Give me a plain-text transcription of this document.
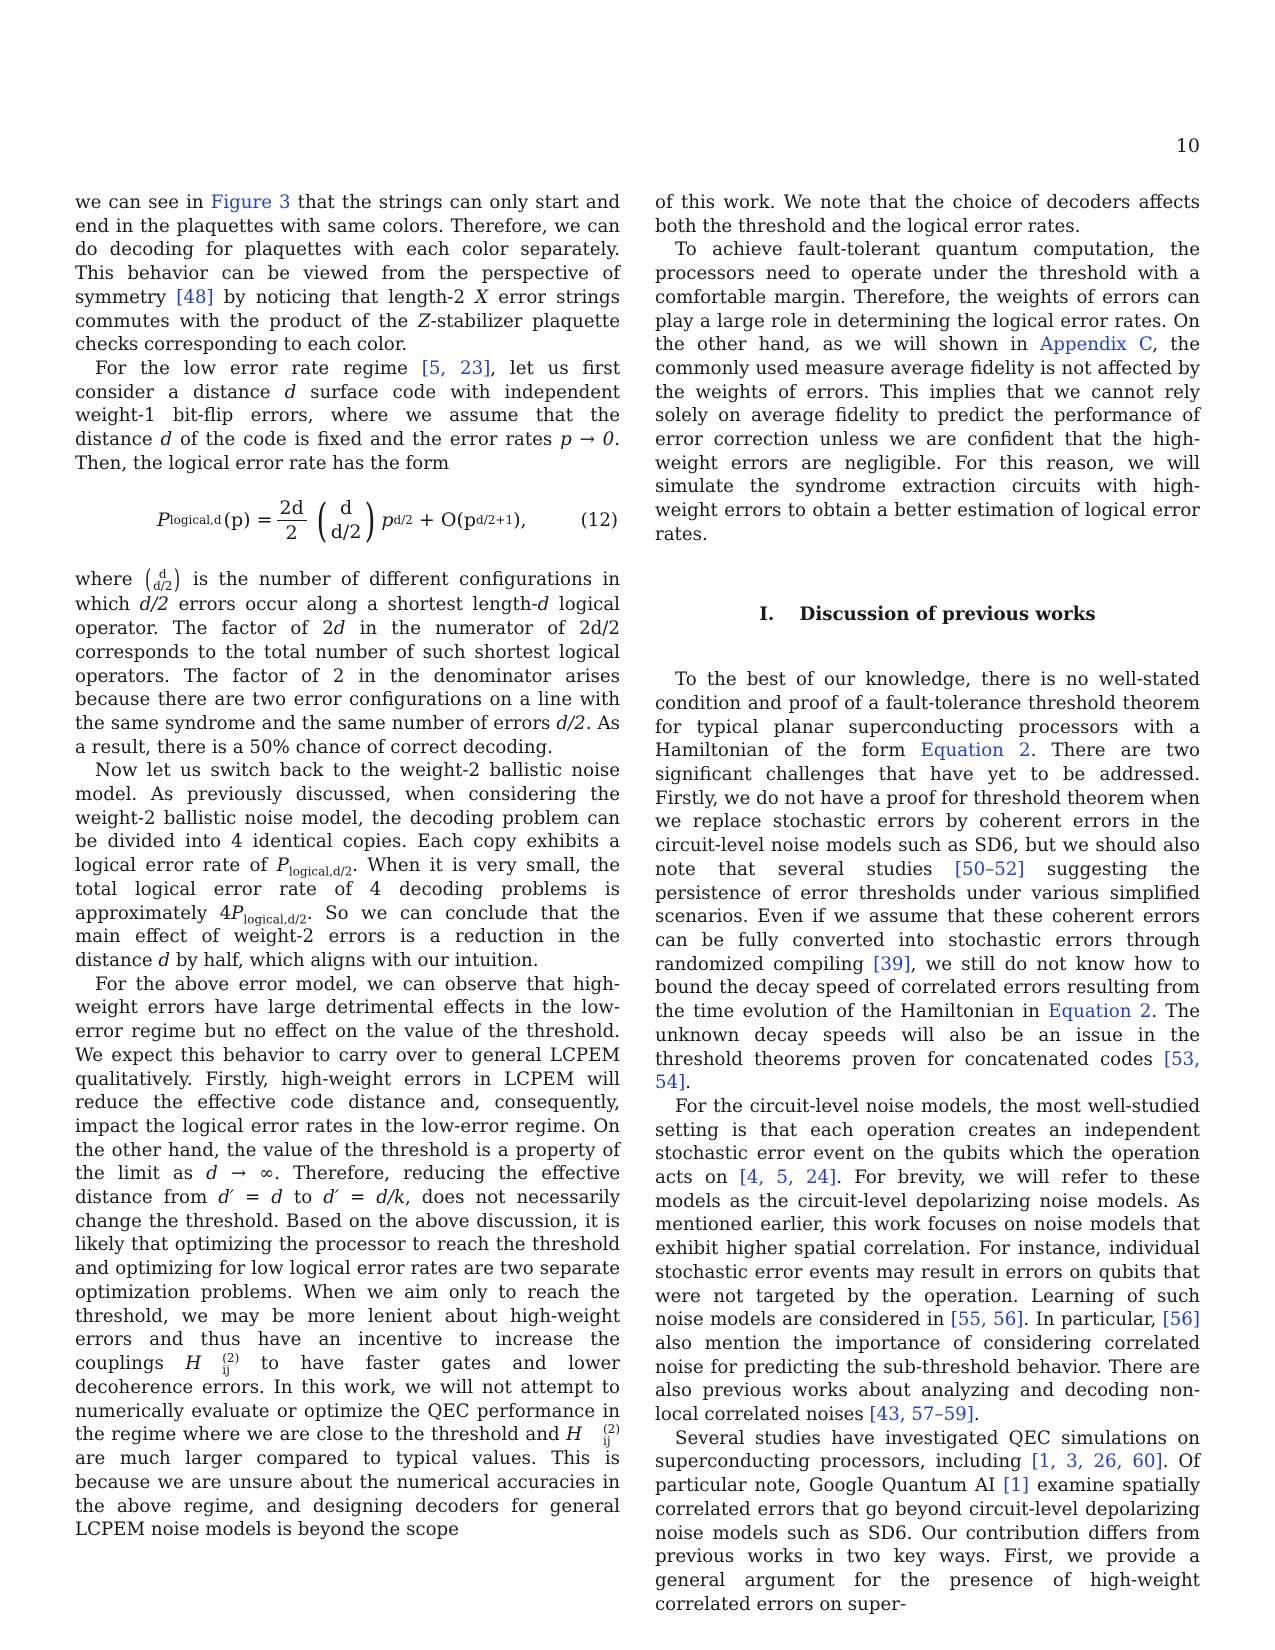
10

we can see in Figure 3 that the strings can only start and end in the plaquettes with same colors. Therefore, we can do decoding for plaquettes with each color separately. This behavior can be viewed from the perspective of symmetry [48] by noticing that length-2 X error strings commutes with the product of the Z-stabilizer plaquette checks corresponding to each color.

For the low error rate regime [5, 23], let us first consider a distance d surface code with independent weight-1 bit-flip errors, where we assume that the distance d of the code is fixed and the error rates p → 0. Then, the logical error rate has the form

P logical,d $(p) = \frac{2d}{2}$ ( d
d/2 ) p d/2 + O(p d/2+1 ),	(12)

where ( d
d/2 ) is the number of different configurations in which d/2 errors occur along a shortest length-d logical operator. The factor of 2d in the numerator of 2d/2 corresponds to the total number of such shortest logical operators. The factor of 2 in the denominator arises because there are two error configurations on a line with the same syndrome and the same number of errors d/2. As a result, there is a 50% chance of correct decoding.

Now let us switch back to the weight-2 ballistic noise model. As previously discussed, when considering the weight-2 ballistic noise model, the decoding problem can be divided into 4 identical copies. Each copy exhibits a logical error rate of $P_{logical,d/2}$. When it is very small, the total logical error rate of 4 decoding problems is approximately $4P_{logical,d/2}$. So we can conclude that the main effect of weight-2 errors is a reduction in the distance d by half, which aligns with our intuition.

For the above error model, we can observe that high-weight errors have large detrimental effects in the low-error regime but no effect on the value of the threshold. We expect this behavior to carry over to general LCPEM qualitatively. Firstly, high-weight errors in LCPEM will reduce the effective code distance and, consequently, impact the logical error rates in the low-error regime. On the other hand, the value of the threshold is a property of the limit as d → ∞. Therefore, reducing the effective distance from d′ = d to d′ = d/k, does not necessarily change the threshold. Based on the above discussion, it is likely that optimizing the processor to reach the threshold and optimizing for low logical error rates are two separate optimization problems. When we aim only to reach the threshold, we may be more lenient about high-weight errors and thus have an incentive to increase the couplings H	(2)
ij to have faster gates and lower decoherence errors. In this work, we will not attempt to numerically evaluate or optimize the QEC performance in the regime where we are close to the threshold and H	(2)
ij
are much larger compared to typical values. This is because we are unsure about the numerical accuracies in the above regime, and designing decoders for general LCPEM noise models is beyond the scope

of this work. We note that the choice of decoders affects both the threshold and the logical error rates.

To achieve fault-tolerant quantum computation, the processors need to operate under the threshold with a comfortable margin. Therefore, the weights of errors can play a large role in determining the logical error rates. On the other hand, as we will shown in Appendix C, the commonly used measure average fidelity is not affected by the weights of errors. This implies that we cannot rely solely on average fidelity to predict the performance of error correction unless we are confident that the high-weight errors are negligible. For this reason, we will simulate the syndrome extraction circuits with high-weight errors to obtain a better estimation of logical error rates.

I.    Discussion of previous works

To the best of our knowledge, there is no well-stated condition and proof of a fault-tolerance threshold theorem for typical planar superconducting processors with a Hamiltonian of the form Equation 2. There are two significant challenges that have yet to be addressed. Firstly, we do not have a proof for threshold theorem when we replace stochastic errors by coherent errors in the circuit-level noise models such as SD6, but we should also note that several studies [50–52] suggesting the persistence of error thresholds under various simplified scenarios. Even if we assume that these coherent errors can be fully converted into stochastic errors through randomized compiling [39], we still do not know how to bound the decay speed of correlated errors resulting from the time evolution of the Hamiltonian in Equation 2. The unknown decay speeds will also be an issue in the threshold theorems proven for concatenated codes [53, 54].

For the circuit-level noise models, the most well-studied setting is that each operation creates an independent stochastic error event on the qubits which the operation acts on [4, 5, 24]. For brevity, we will refer to these models as the circuit-level depolarizing noise models. As mentioned earlier, this work focuses on noise models that exhibit higher spatial correlation. For instance, individual stochastic error events may result in errors on qubits that were not targeted by the operation. Learning of such noise models are considered in [55, 56]. In particular, [56] also mention the importance of considering correlated noise for predicting the sub-threshold behavior. There are also previous works about analyzing and decoding non-local correlated noises [43, 57–59].

Several studies have investigated QEC simulations on superconducting processors, including [1, 3, 26, 60]. Of particular note, Google Quantum AI [1] examine spatially correlated errors that go beyond circuit-level depolarizing noise models such as SD6. Our contribution differs from previous works in two key ways. First, we provide a general argument for the presence of high-weight correlated errors on super-
